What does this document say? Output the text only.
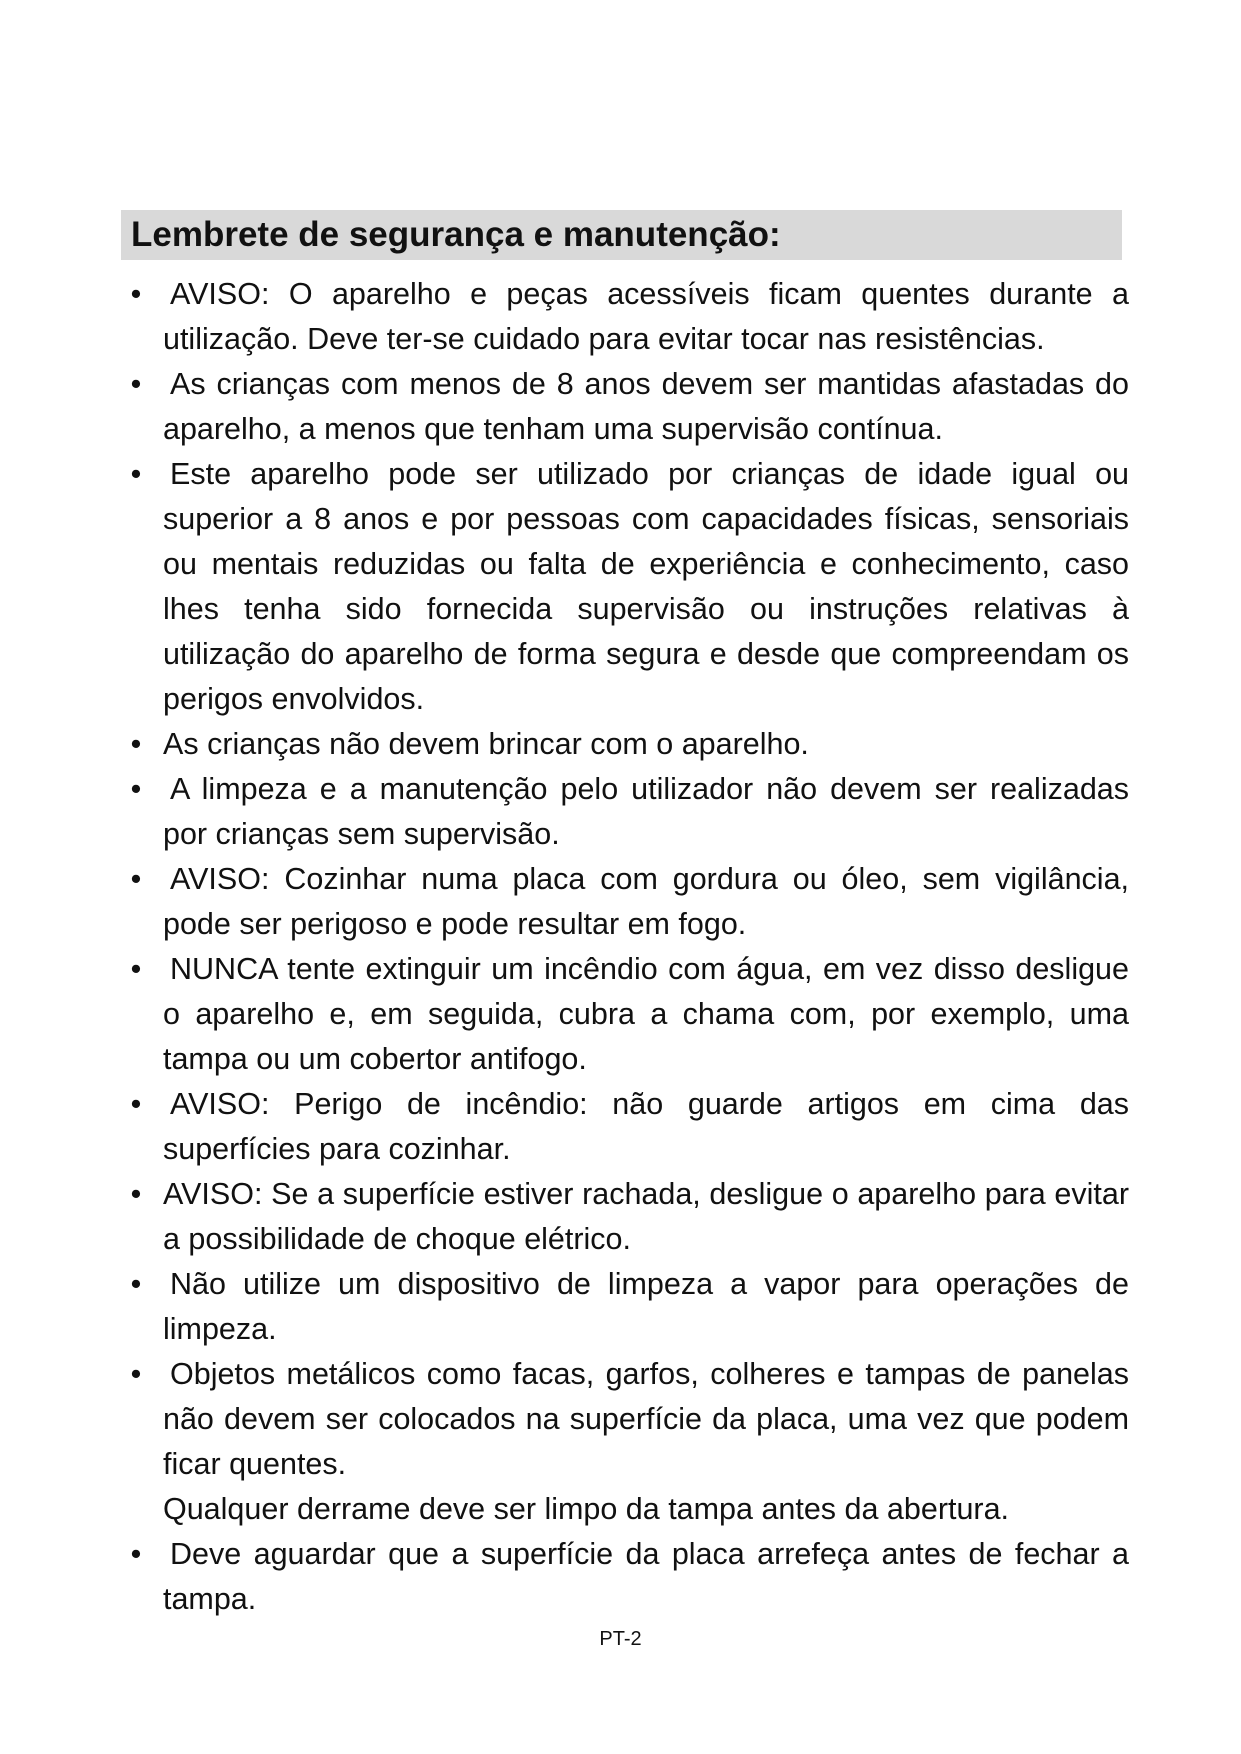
Lembrete de segurança e manutenção:
• AVISO: O aparelho e peças acessíveis ficam quentes durante a utilização. Deve ter-se cuidado para evitar tocar nas resistências.
• As crianças com menos de 8 anos devem ser mantidas afastadas do aparelho, a menos que tenham uma supervisão contínua.
• Este aparelho pode ser utilizado por crianças de idade igual ou superior a 8 anos e por pessoas com capacidades físicas, sensoriais ou mentais reduzidas ou falta de experiência e conhecimento, caso lhes tenha sido fornecida supervisão ou instruções relativas à utilização do aparelho de forma segura e desde que compreendam os perigos envolvidos.
• As crianças não devem brincar com o aparelho.
• A limpeza e a manutenção pelo utilizador não devem ser realizadas por crianças sem supervisão.
• AVISO: Cozinhar numa placa com gordura ou óleo, sem vigilância, pode ser perigoso e pode resultar em fogo.
• NUNCA tente extinguir um incêndio com água, em vez disso desligue o aparelho e, em seguida, cubra a chama com, por exemplo, uma tampa ou um cobertor antifogo.
• AVISO: Perigo de incêndio: não guarde artigos em cima das superfícies para cozinhar.
• AVISO: Se a superfície estiver rachada, desligue o aparelho para evitar a possibilidade de choque elétrico.
• Não utilize um dispositivo de limpeza a vapor para operações de limpeza.
• Objetos metálicos como facas, garfos, colheres e tampas de panelas não devem ser colocados na superfície da placa, uma vez que podem ficar quentes.
Qualquer derrame deve ser limpo da tampa antes da abertura.
• Deve aguardar que a superfície da placa arrefeça antes de fechar a tampa.
PT-2
